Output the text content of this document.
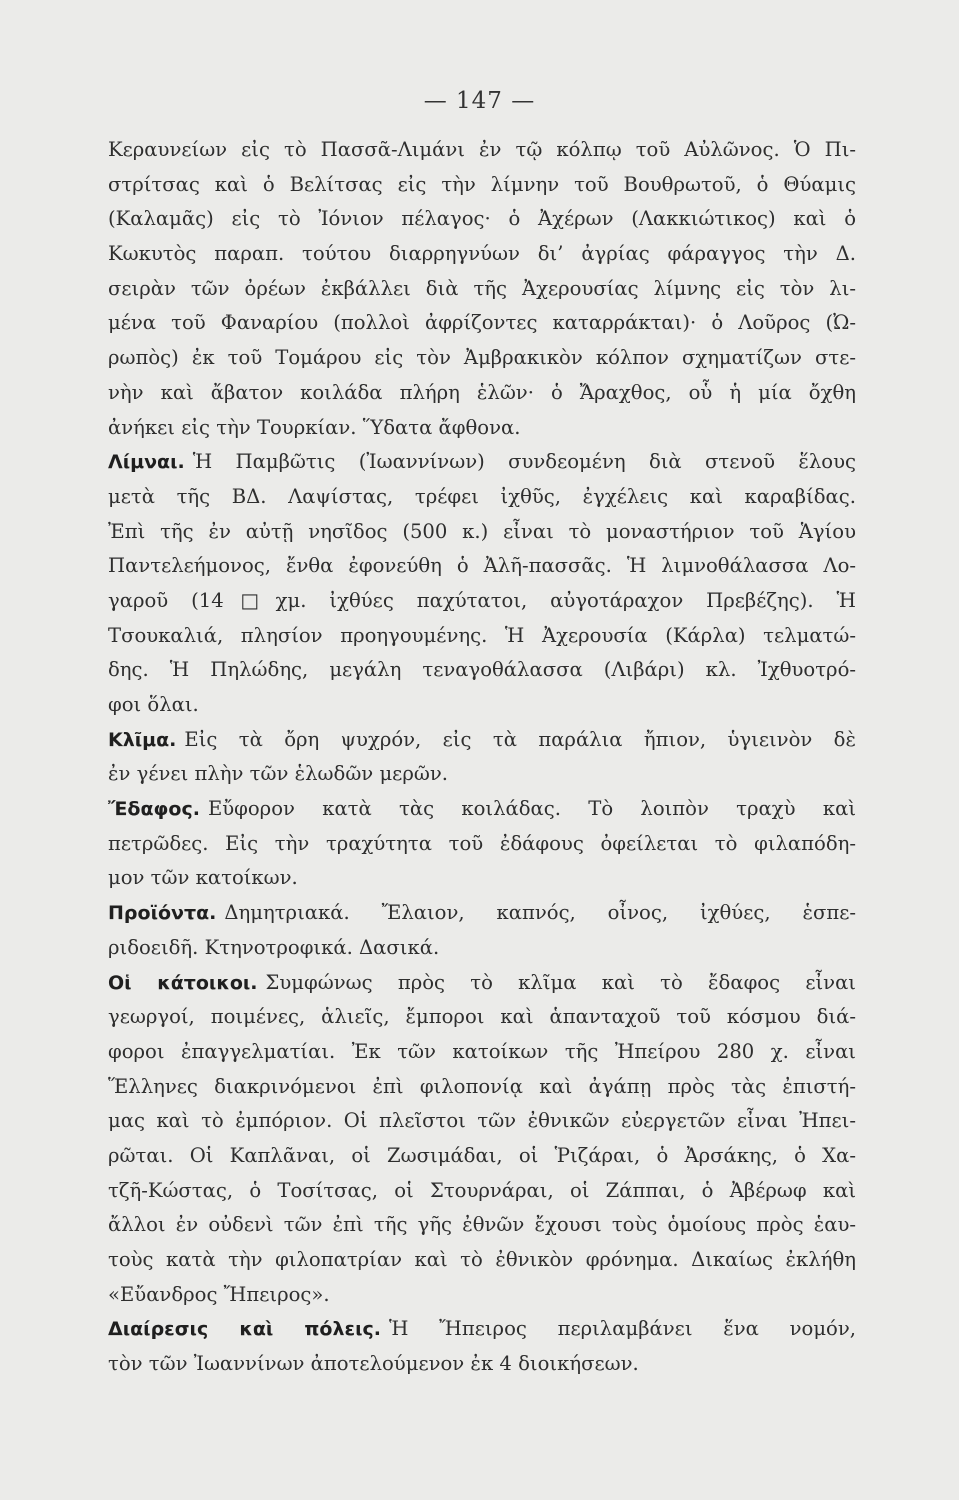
— 147 —
Κεραυνείων εἰς τὸ Πασσᾶ-Λιμάνι ἐν τῷ κόλπῳ τοῦ Αὐλῶνος. Ὁ Πι-
στρίτσας καὶ ὁ Βελίτσας εἰς τὴν λίμνην τοῦ Βουθρωτοῦ, ὁ Θύαμις
(Καλαμᾶς) εἰς τὸ Ἰόνιον πέλαγος· ὁ Ἀχέρων (Λακκιώτικος) καὶ ὁ
Κωκυτὸς παραπ. τούτου διαρρηγνύων δι’ ἀγρίας φάραγγος τὴν Δ.
σειρὰν τῶν ὀρέων ἐκβάλλει διὰ τῆς Ἀχερουσίας λίμνης εἰς τὸν λι-
μένα τοῦ Φαναρίου (πολλοὶ ἀφρίζοντες καταρράκται)· ὁ Λοῦρος (Ὠ-
ρωπὸς) ἐκ τοῦ Τομάρου εἰς τὸν Ἀμβρακικὸν κόλπον σχηματίζων στε-
νὴν καὶ ἄβατον κοιλάδα πλήρη ἑλῶν· ὁ Ἄραχθος, οὗ ἡ μία ὄχθη
ἀνήκει εἰς τὴν Τουρκίαν. Ὕδατα ἄφθονα.
Λίμναι. Ἡ Παμβῶτις (Ἰωαννίνων) συνδεομένη διὰ στενοῦ ἕλους
μετὰ τῆς ΒΔ. Λαψίστας, τρέφει ἰχθῦς, ἐγχέλεις καὶ καραβίδας.
Ἐπὶ τῆς ἐν αὐτῇ νησῖδος (500 κ.) εἶναι τὸ μοναστήριον τοῦ Ἁγίου
Παντελεήμονος, ἔνθα ἐφονεύθη ὁ Ἀλῆ-πασσᾶς. Ἡ λιμνοθάλασσα Λο-
γαροῦ (14□χμ. ἰχθύες παχύτατοι, αὐγοτάραχον Πρεβέζης). Ἡ
Τσουκαλιά, πλησίον προηγουμένης. Ἡ Ἀχερουσία (Κάρλα) τελματώ-
δης. Ἡ Πηλώδης, μεγάλη τεναγοθάλασσα (Λιβάρι) κλ. Ἰχθυοτρό-
φοι ὅλαι.
Κλῖμα. Εἰς τὰ ὄρη ψυχρόν, εἰς τὰ παράλια ἤπιον, ὑγιεινὸν δὲ
ἐν γένει πλὴν τῶν ἑλωδῶν μερῶν.
Ἔδαφος. Εὔφορον κατὰ τὰς κοιλάδας. Τὸ λοιπὸν τραχὺ καὶ
πετρῶδες. Εἰς τὴν τραχύτητα τοῦ ἐδάφους ὀφείλεται τὸ φιλαπόδη-
μον τῶν κατοίκων.
Προϊόντα. Δημητριακά. Ἔλαιον, καπνός, οἶνος, ἰχθύες, ἑσπε-
ριδοειδῆ. Κτηνοτροφικά. Δασικά.
Οἱ κάτοικοι. Συμφώνως πρὸς τὸ κλῖμα καὶ τὸ ἔδαφος εἶναι
γεωργοί, ποιμένες, ἁλιεῖς, ἔμποροι καὶ ἁπανταχοῦ τοῦ κόσμου διά-
φοροι ἐπαγγελματίαι. Ἐκ τῶν κατοίκων τῆς Ἠπείρου 280 χ. εἶναι
Ἕλληνες διακρινόμενοι ἐπὶ φιλοπονίᾳ καὶ ἀγάπῃ πρὸς τὰς ἐπιστή-
μας καὶ τὸ ἐμπόριον. Οἱ πλεῖστοι τῶν ἐθνικῶν εὐεργετῶν εἶναι Ἠπει-
ρῶται. Οἱ Καπλᾶναι, οἱ Ζωσιμάδαι, οἱ Ῥιζάραι, ὁ Ἀρσάκης, ὁ Χα-
τζῆ-Κώστας, ὁ Τοσίτσας, οἱ Στουρνάραι, οἱ Ζάππαι, ὁ Ἀβέρωφ καὶ
ἄλλοι ἐν οὐδενὶ τῶν ἐπὶ τῆς γῆς ἐθνῶν ἔχουσι τοὺς ὁμοίους πρὸς ἑαυ-
τοὺς κατὰ τὴν φιλοπατρίαν καὶ τὸ ἐθνικὸν φρόνημα. Δικαίως ἐκλήθη
«Εὔανδρος Ἤπειρος».
Διαίρεσις καὶ πόλεις. Ἡ Ἤπειρος περιλαμβάνει ἕνα νομόν,
τὸν τῶν Ἰωαννίνων ἀποτελούμενον ἐκ 4 διοικήσεων.
